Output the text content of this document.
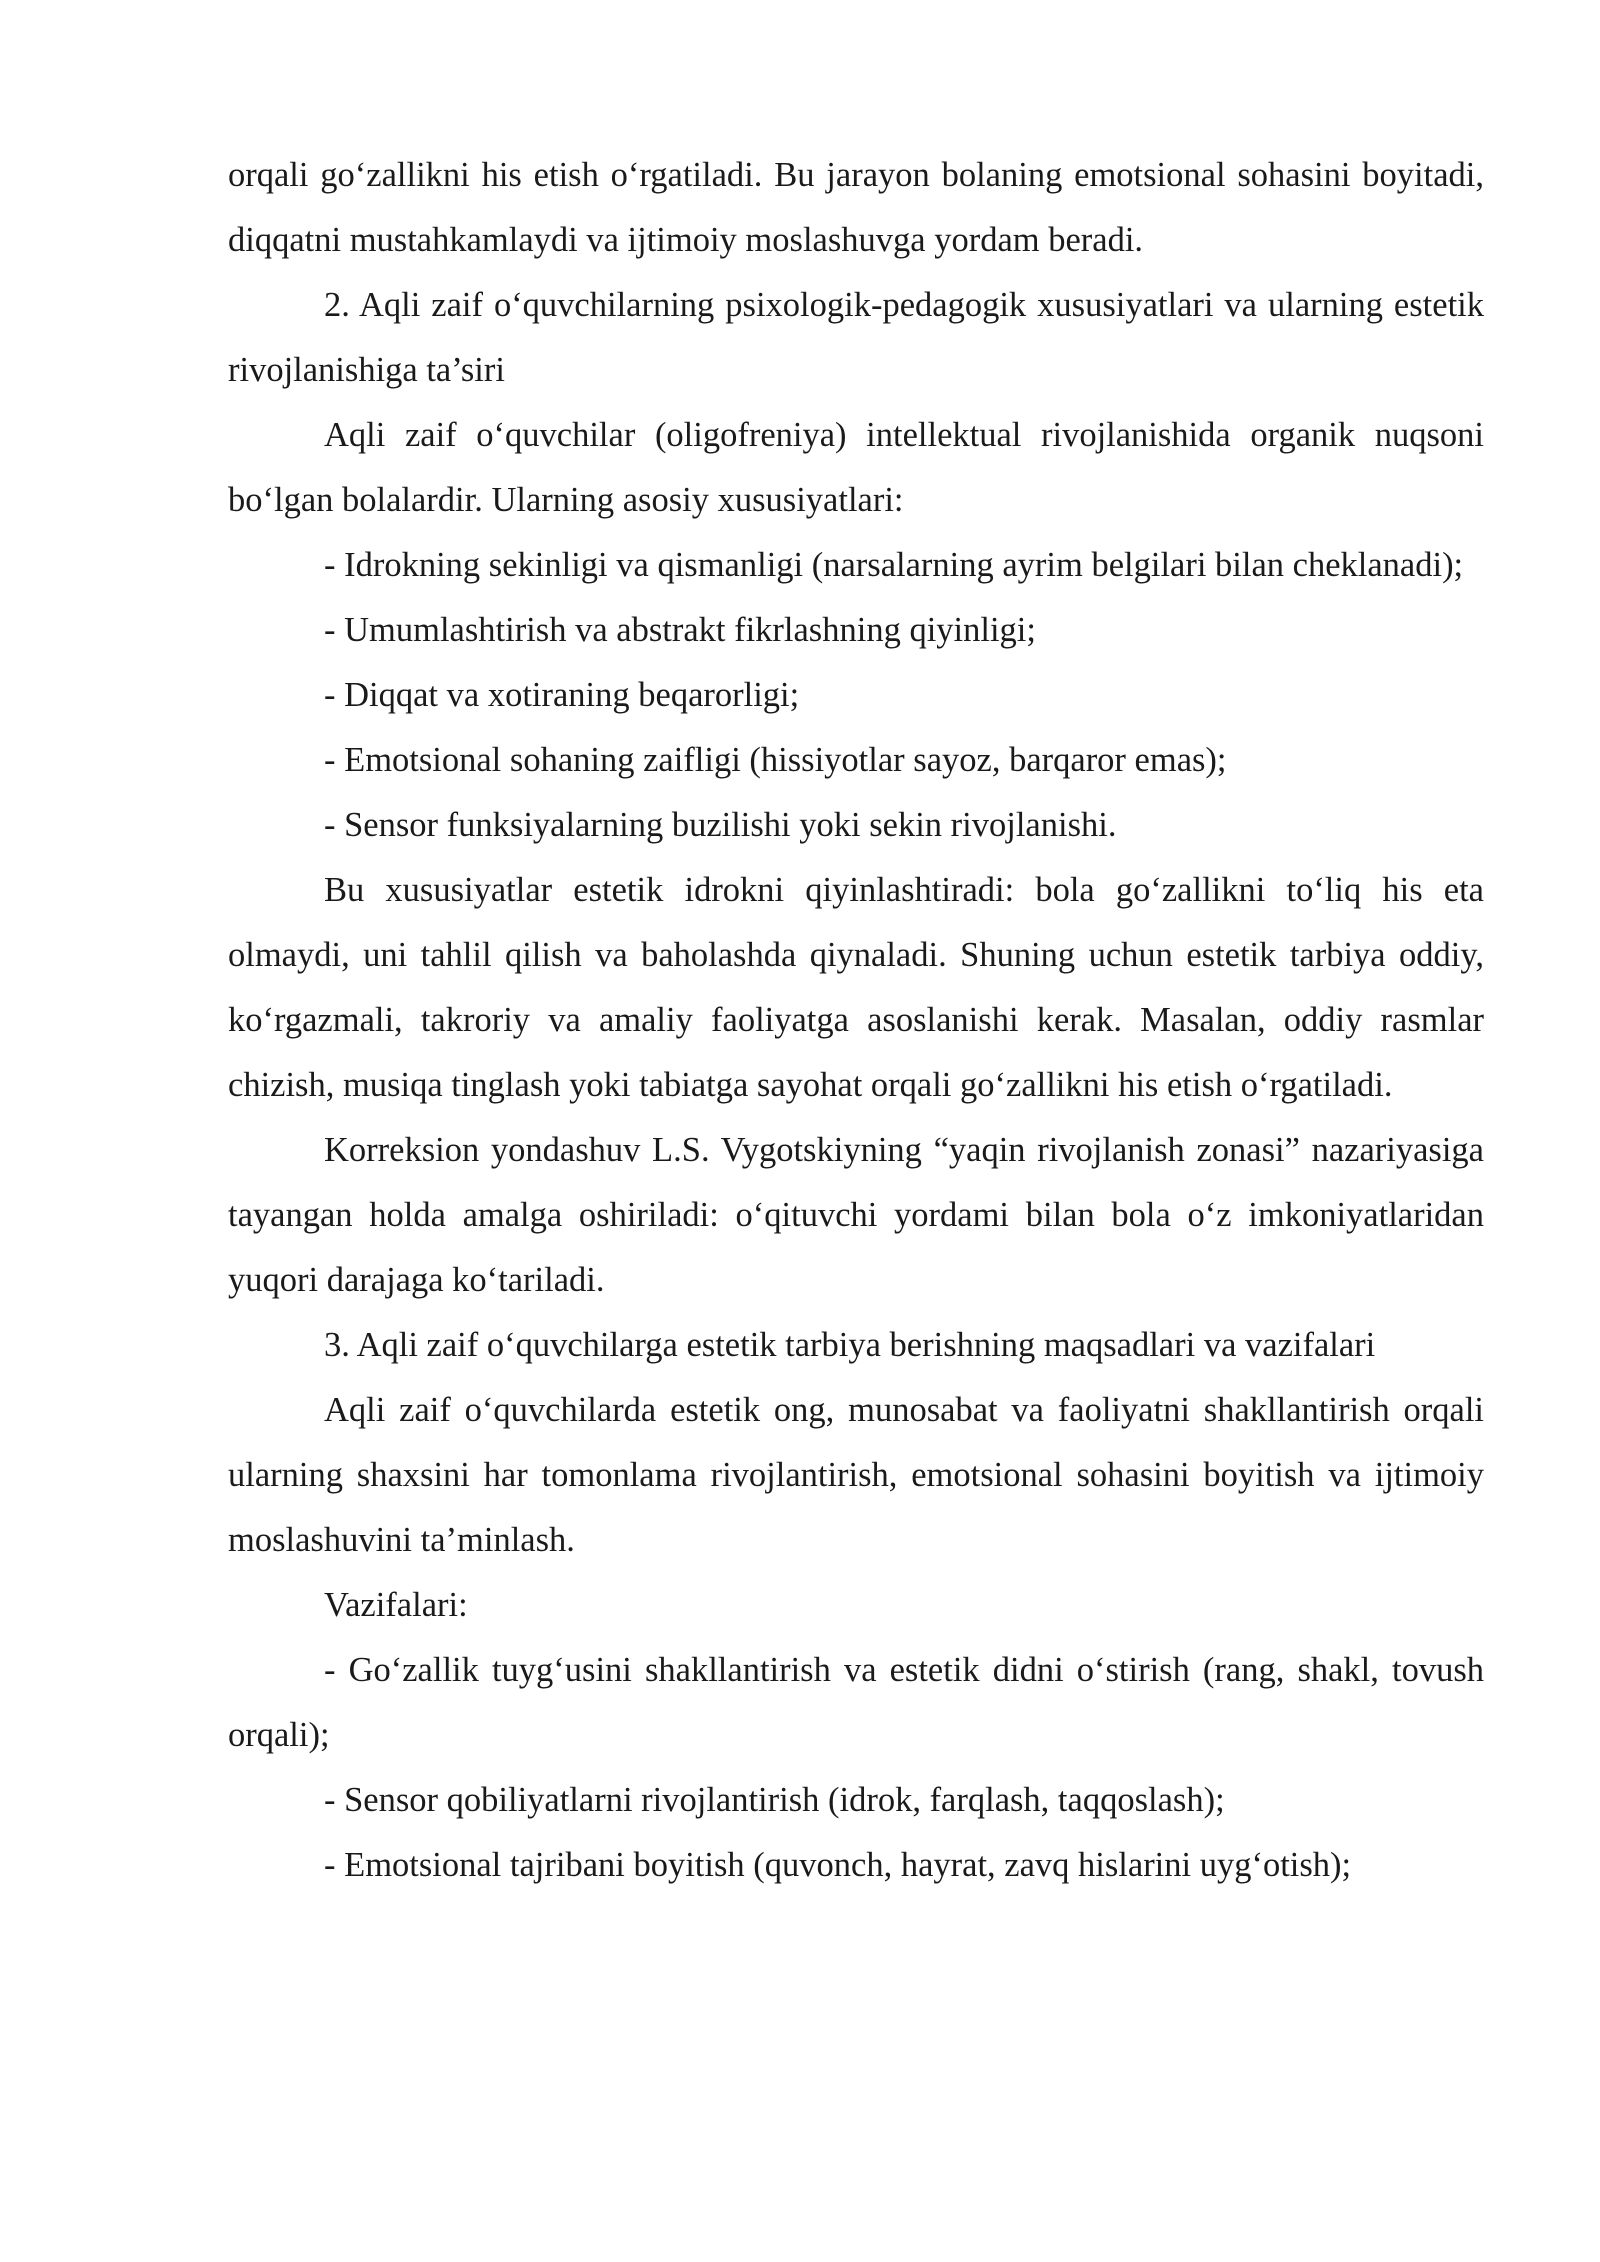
orqali go‘zallikni his etish o‘rgatiladi. Bu jarayon bolaning emotsional sohasini boyitadi, diqqatni mustahkamlaydi va ijtimoiy moslashuvga yordam beradi.

2. Aqli zaif o‘quvchilarning psixologik-pedagogik xususiyatlari va ularning estetik rivojlanishiga ta’siri

Aqli zaif o‘quvchilar (oligofreniya) intellektual rivojlanishida organik nuqsoni bo‘lgan bolalardir. Ularning asosiy xususiyatlari:

- Idrokning sekinligi va qismanligi (narsalarning ayrim belgilari bilan cheklanadi);

- Umumlashtirish va abstrakt fikrlashning qiyinligi;

- Diqqat va xotiraning beqarorligi;

- Emotsional sohaning zaifligi (hissiyotlar sayoz, barqaror emas);

- Sensor funksiyalarning buzilishi yoki sekin rivojlanishi.

Bu xususiyatlar estetik idrokni qiyinlashtiradi: bola go‘zallikni to‘liq his eta olmaydi, uni tahlil qilish va baholashda qiynaladi. Shuning uchun estetik tarbiya oddiy, ko‘rgazmali, takroriy va amaliy faoliyatga asoslanishi kerak. Masalan, oddiy rasmlar chizish, musiqa tinglash yoki tabiatga sayohat orqali go‘zallikni his etish o‘rgatiladi.

Korreksion yondashuv L.S. Vygotskiyning “yaqin rivojlanish zonasi” nazariyasiga tayangan holda amalga oshiriladi: o‘qituvchi yordami bilan bola o‘z imkoniyatlaridan yuqori darajaga ko‘tariladi.

3. Aqli zaif o‘quvchilarga estetik tarbiya berishning maqsadlari va vazifalari

Aqli zaif o‘quvchilarda estetik ong, munosabat va faoliyatni shakllantirish orqali ularning shaxsini har tomonlama rivojlantirish, emotsional sohasini boyitish va ijtimoiy moslashuvini ta’minlash.

Vazifalari:

- Go‘zallik tuyg‘usini shakllantirish va estetik didni o‘stirish (rang, shakl, tovush orqali);

- Sensor qobiliyatlarni rivojlantirish (idrok, farqlash, taqqoslash);

- Emotsional tajribani boyitish (quvonch, hayrat, zavq hislarini uyg‘otish);
